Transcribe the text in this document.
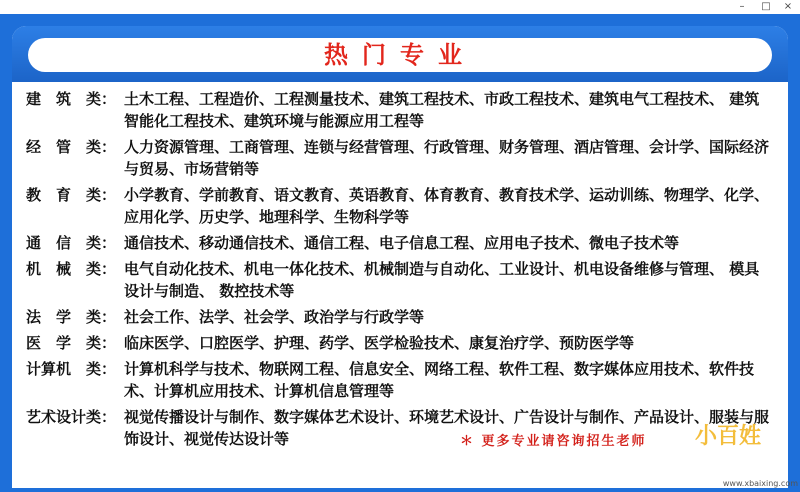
–	□	×
热门专业
建　筑　类： 土木工程、工程造价、工程测量技术、建筑工程技术、市政工程技术、建筑电气工程技术、 建筑智能化工程技术、建筑环境与能源应用工程等
经　管　类： 人力资源管理、工商管理、连锁与经营管理、行政管理、财务管理、酒店管理、会计学、国际经济与贸易、市场营销等
教　育　类： 小学教育、学前教育、语文教育、英语教育、体育教育、教育技术学、运动训练、物理学、化学、应用化学、历史学、地理科学、生物科学等
通　信　类： 通信技术、移动通信技术、通信工程、电子信息工程、应用电子技术、微电子技术等
机　械　类： 电气自动化技术、机电一体化技术、机械制造与自动化、工业设计、机电设备维修与管理、 模具设计与制造、 数控技术等
法　学　类： 社会工作、法学、社会学、政治学与行政学等
医　学　类： 临床医学、口腔医学、护理、药学、医学检验技术、康复治疗学、预防医学等
计算机　类： 计算机科学与技术、物联网工程、信息安全、网络工程、软件工程、数字媒体应用技术、软件技术、计算机应用技术、计算机信息管理等
艺术设计类： 视觉传播设计与制作、数字媒体艺术设计、环境艺术设计、广告设计与制作、产品设计、服装与服饰设计、视觉传达设计等	＊ 更多专业请咨询招生老师	小百姓
www.xbaixing.com
